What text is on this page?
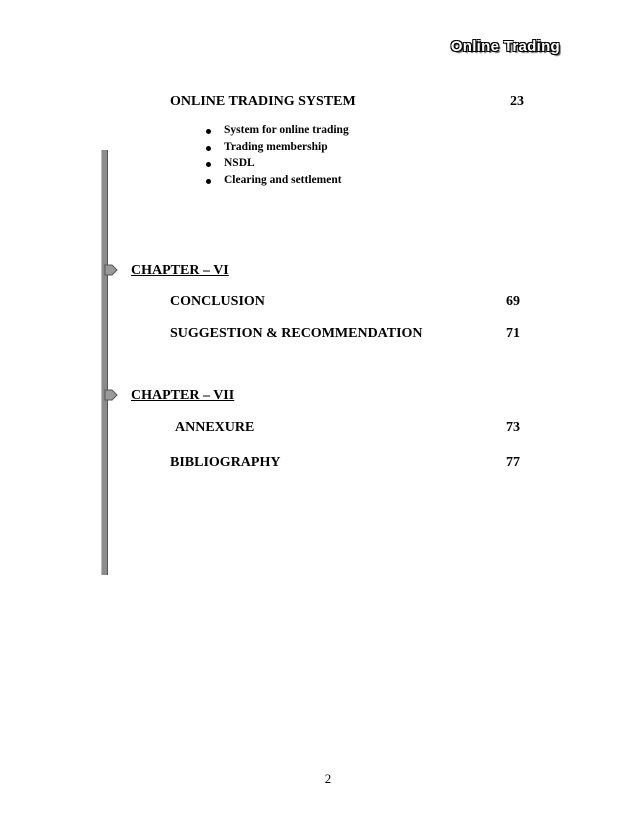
Online Trading
ONLINE TRADING SYSTEM	23
System for online trading
Trading membership
NSDL
Clearing and settlement
CHAPTER – VI
CONCLUSION	69
SUGGESTION & RECOMMENDATION	71
CHAPTER – VII
ANNEXURE	73
BIBLIOGRAPHY	77
2
